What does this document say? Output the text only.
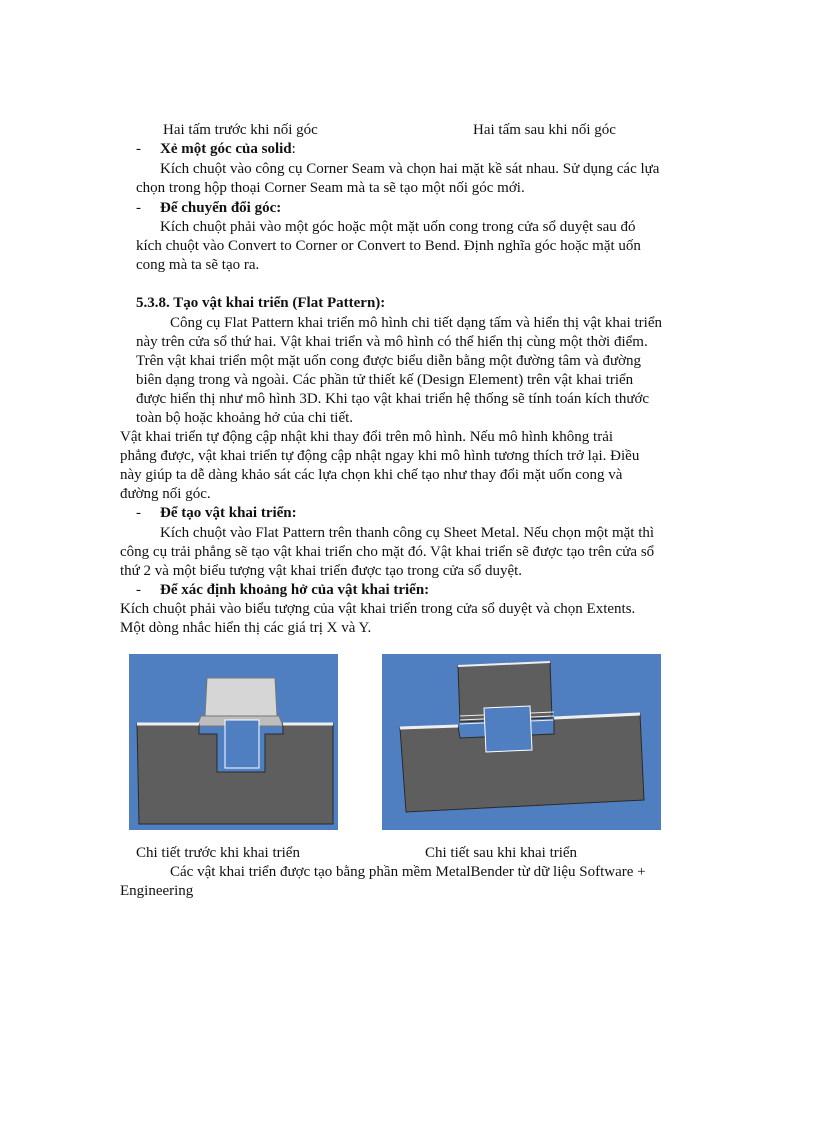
Hai tấm trước khi nối góc	Hai tấm sau khi nối góc
- Xẻ một góc của solid:
Kích chuột vào công cụ Corner Seam và chọn hai mặt kề sát nhau. Sử dụng các lựa
chọn trong hộp thoại Corner Seam mà ta sẽ tạo một nối góc mới.
- Để chuyển đổi góc:
Kích chuột phải vào một góc hoặc một mặt uốn cong trong cửa sổ duyệt sau đó
kích chuột vào Convert to Corner or Convert to Bend. Định nghĩa góc hoặc mặt uốn
cong mà ta sẽ tạo ra.
5.3.8. Tạo vật khai triển (Flat Pattern):
Công cụ Flat Pattern khai triển mô hình chi tiết dạng tấm và hiển thị vật khai triển
này trên cửa sổ thứ hai. Vật khai triển và mô hình có thể hiển thị cùng một thời điểm.
Trên vật khai triển một mặt uốn cong được biểu diễn bằng một đường tâm và đường
biên dạng trong và ngoài. Các phần tử thiết kế (Design Element) trên vật khai triển
được hiển thị như mô hình 3D. Khi tạo vật khai triển hệ thống sẽ tính toán kích thước
toàn bộ hoặc khoảng hở của chi tiết.
Vật khai triển tự động cập nhật khi thay đổi trên mô hình. Nếu mô hình không trải
phẳng được, vật khai triển tự động cập nhật ngay khi mô hình tương thích trở lại. Điều
này giúp ta dễ dàng khảo sát các lựa chọn khi chế tạo như thay đổi mặt uốn cong và
đường nối góc.
- Để tạo vật khai triển:
Kích chuột vào Flat Pattern trên thanh công cụ Sheet Metal. Nếu chọn một mặt thì
công cụ trải phẳng sẽ tạo vật khai triển cho mặt đó. Vật khai triển sẽ được tạo trên cửa sổ
thứ 2 và một biểu tượng vật khai triển được tạo trong cửa sổ duyệt.
- Để xác định khoảng hở của vật khai triển:
Kích chuột phải vào biểu tượng của vật khai triển trong cửa sổ duyệt và chọn Extents.
Một dòng nhắc hiển thị các giá trị X và Y.
Chi tiết trước khi khai triển	Chi tiết sau khi khai triển
Các vật khai triển được tạo bằng phần mềm MetalBender từ dữ liệu Software +
Engineering
